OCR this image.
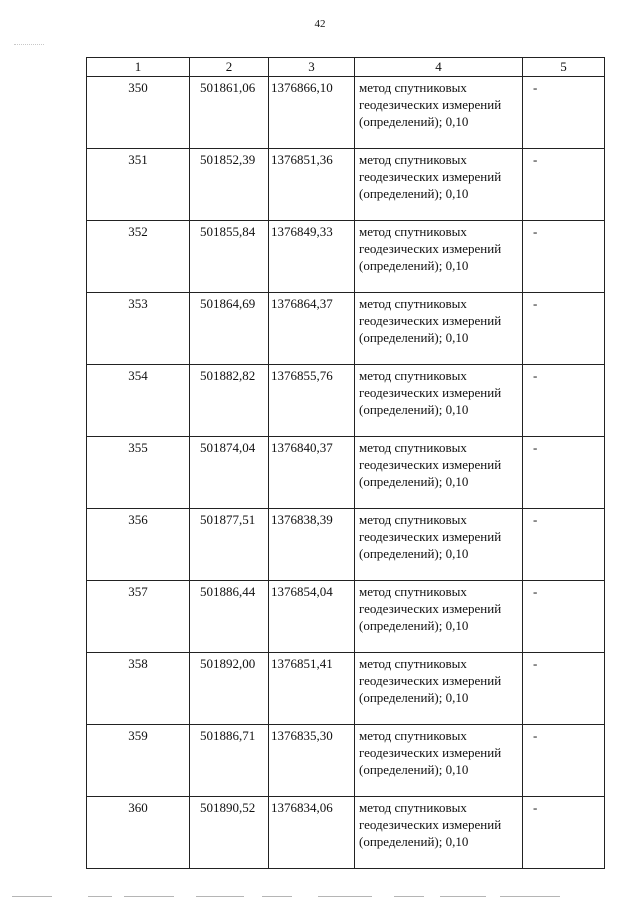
42
1	2	3	4	5
350	501861,06	1376866,10	метод спутниковых геодезических измерений (определений); 0,10	-
351	501852,39	1376851,36	метод спутниковых геодезических измерений (определений); 0,10	-
352	501855,84	1376849,33	метод спутниковых геодезических измерений (определений); 0,10	-
353	501864,69	1376864,37	метод спутниковых геодезических измерений (определений); 0,10	-
354	501882,82	1376855,76	метод спутниковых геодезических измерений (определений); 0,10	-
355	501874,04	1376840,37	метод спутниковых геодезических измерений (определений); 0,10	-
356	501877,51	1376838,39	метод спутниковых геодезических измерений (определений); 0,10	-
357	501886,44	1376854,04	метод спутниковых геодезических измерений (определений); 0,10	-
358	501892,00	1376851,41	метод спутниковых геодезических измерений (определений); 0,10	-
359	501886,71	1376835,30	метод спутниковых геодезических измерений (определений); 0,10	-
360	501890,52	1376834,06	метод спутниковых геодезических измерений (определений); 0,10	-
